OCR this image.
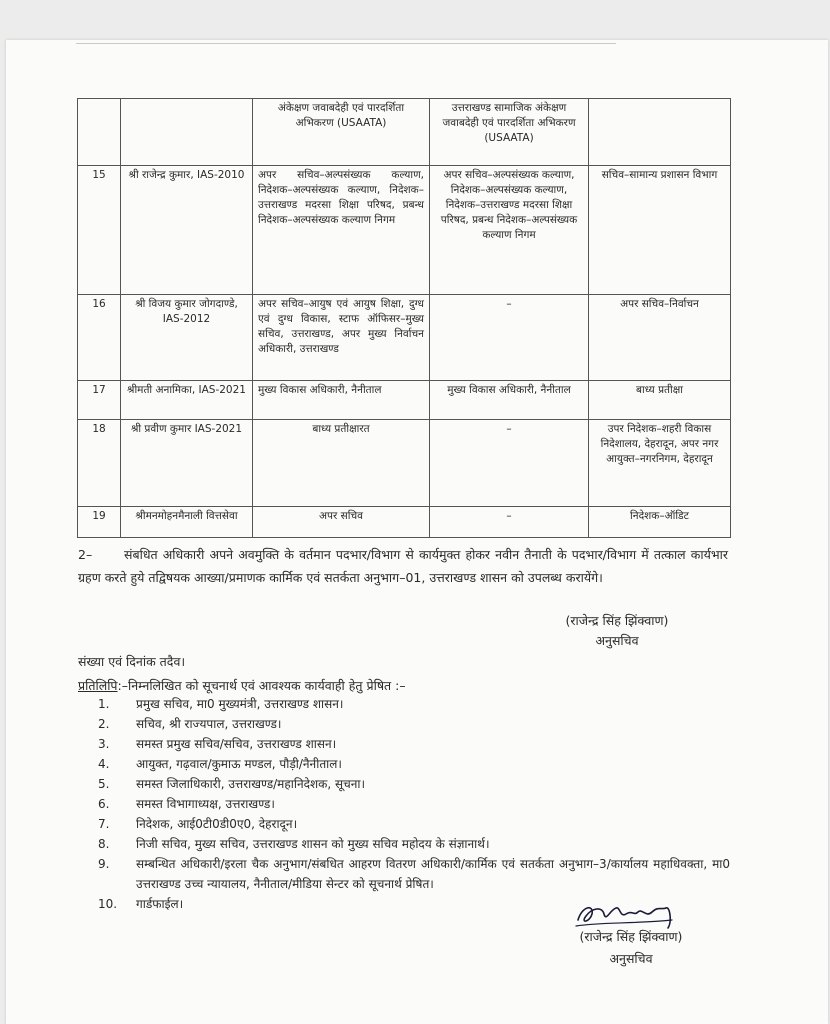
		अंकेक्षण जवाबदेही एवं पारदर्शिता अभिकरण (USAATA)	उत्तराखण्ड सामाजिक अंकेक्षण जवाबदेही एवं पारदर्शिता अभिकरण (USAATA)	
15	श्री राजेन्द्र कुमार, IAS-2010	अपर सचिव–अल्पसंख्यक कल्याण, निदेशक–अल्पसंख्यक कल्याण, निदेशक–उत्तराखण्ड मदरसा शिक्षा परिषद, प्रबन्ध निदेशक–अल्पसंख्यक कल्याण निगम	अपर सचिव–अल्पसंख्यक कल्याण, निदेशक–अल्पसंख्यक कल्याण, निदेशक–उत्तराखण्ड मदरसा शिक्षा परिषद, प्रबन्ध निदेशक–अल्पसंख्यक कल्याण निगम	सचिव–सामान्य प्रशासन विभाग
16	श्री विजय कुमार जोगदाण्डे, IAS-2012	अपर सचिव–आयुष एवं आयुष शिक्षा, दुग्ध एवं दुग्ध विकास, स्टाफ ऑफिसर–मुख्य सचिव, उत्तराखण्ड, अपर मुख्य निर्वाचन अधिकारी, उत्तराखण्ड	–	अपर सचिव–निर्वाचन
17	श्रीमती अनामिका, IAS-2021	मुख्य विकास अधिकारी, नैनीताल	मुख्य विकास अधिकारी, नैनीताल	बाध्य प्रतीक्षा
18	श्री प्रवीण कुमार IAS-2021	बाध्य प्रतीक्षारत	–	उपर निदेशक–शहरी विकास निदेशालय, देहरादून, अपर नगर आयुक्त–नगरनिगम, देहरादून
19	श्रीमनमोहनमैनाली वित्तसेवा	अपर सचिव	–	निदेशक–ऑडिट
2–	संबधित अधिकारी अपने अवमुक्ति के वर्तमान पदभार/विभाग से कार्यमुक्त होकर नवीन तैनाती के पदभार/विभाग में तत्काल कार्यभार ग्रहण करते हुये तद्विषयक आख्या/प्रमाणक कार्मिक एवं सतर्कता अनुभाग–01, उत्तराखण्ड शासन को उपलब्ध करायेंगे।
(राजेन्द्र सिंह झिंक्वाण)
अनुसचिव
संख्या एवं दिनांक तदैव।
प्रतिलिपि:–निम्नलिखित को सूचनार्थ एवं आवश्यक कार्यवाही हेतु प्रेषित :–
1.	प्रमुख सचिव, मा0 मुख्यमंत्री, उत्तराखण्ड शासन।
2.	सचिव, श्री राज्यपाल, उत्तराखण्ड।
3.	समस्त प्रमुख सचिव/सचिव, उत्तराखण्ड शासन।
4.	आयुक्त, गढ़वाल/कुमाऊ मण्डल, पौड़ी/नैनीताल।
5.	समस्त जिलाधिकारी, उत्तराखण्ड/महानिदेशक, सूचना।
6.	समस्त विभागाध्यक्ष, उत्तराखण्ड।
7.	निदेशक, आई0टी0डी0ए0, देहरादून।
8.	निजी सचिव, मुख्य सचिव, उत्तराखण्ड शासन को मुख्य सचिव महोदय के संज्ञानार्थ।
9.	सम्बन्धित अधिकारी/इरला चैक अनुभाग/संबधित आहरण वितरण अधिकारी/कार्मिक एवं सतर्कता अनुभाग–3/कार्यालय महाधिवक्ता, मा0 उत्तराखण्ड उच्च न्यायालय, नैनीताल/मीडिया सेन्टर को सूचनार्थ प्रेषित।
10.	गार्डफाईल।
(राजेन्द्र सिंह झिंक्वाण)
अनुसचिव
